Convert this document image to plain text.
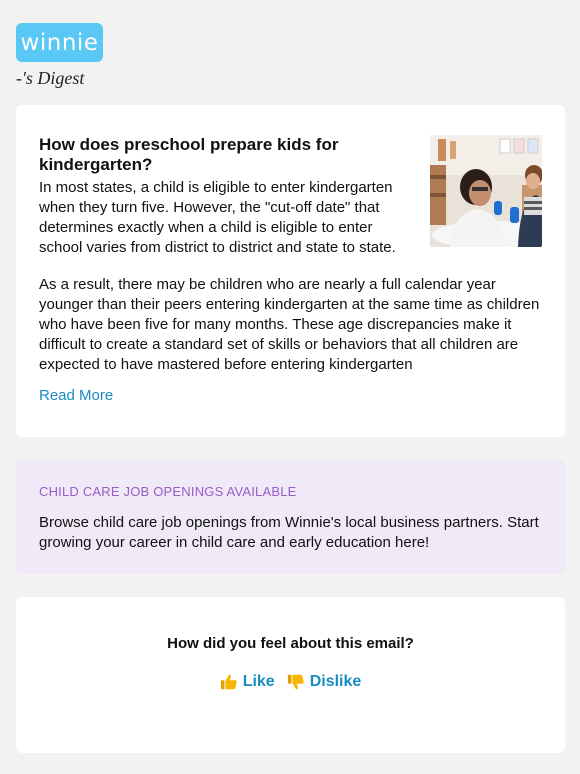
winnie
-'s Digest
How does preschool prepare kids for kindergarten?
In most states, a child is eligible to enter kindergarten when they turn five. However, the "cut-off date" that determines exactly when a child is eligible to enter school varies from district to district and state to state.
As a result, there may be children who are nearly a full calendar year younger than their peers entering kindergarten at the same time as children who have been five for many months. These age discrepancies make it difficult to create a standard set of skills or behaviors that all children are expected to have mastered before entering kindergarten
Read More
CHILD CARE JOB OPENINGS AVAILABLE
Browse child care job openings from Winnie's local business partners. Start growing your career in child care and early education here!
How did you feel about this email?
Like Dislike
